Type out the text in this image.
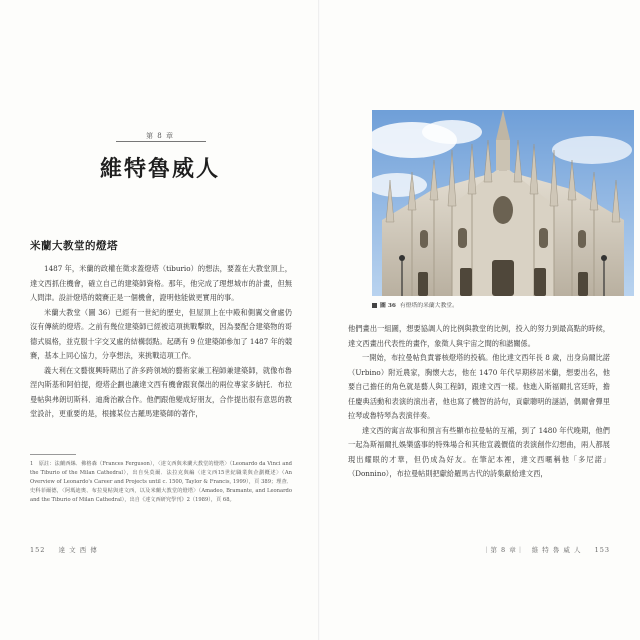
第 8 章
維特魯威人
米蘭大教堂的燈塔

1487 年，米蘭的政權在徵求蓋燈塔（tiburio）的想法，要蓋在大教堂頂上，達文西抓住機會，確立自己的建築師資格。那年，他完成了理想城市的計畫，但無人問津。設計燈塔的競賽正是一個機會，證明他能做更實用的事。

米蘭大教堂（圖 36）已經有一世紀的歷史，但屋頂上在中殿和側翼交會處仍沒有傳統的燈塔。之前有幾位建築師已經被這項挑戰擊敗，因為要配合建築物的哥德式風格，並克服十字交叉處的結構弱點。起碼有 9 位建築師參加了 1487 年的競賽，基本上同心協力，分享想法，來挑戰這項工作。

義大利在文藝復興時期出了許多跨領域的藝術家兼工程師兼建築師，就像布魯涅內斯基和阿伯提，燈塔企劃也讓達文西有機會跟袞傑出的兩位專家多納托．布拉曼帖與弗朗切斯科．迪喬治歐合作。他們跟他變成好朋友，合作提出很有意思的教堂設計，更重要的是，根據某位古羅馬建築師的著作，

1　原註：法蘭西絲．佛格森（Frances Ferguson），〈達文西與米蘭大教堂的燈塔〉（Leonardo da Vinci and the Tiburio of the Milan Cathedral），出自吳莫爾．法拉克與編〈達文西15世紀職業與企劃概述〉（An Overview of Leonardo's Career and Projects until c. 1500, Taylor & Francis, 1999），頁 389；理查．史科菲爾德，〈阿瑪迪奧、布拉曼帖與達文西，以及米蘭大教堂的燈塔〉（Amadeo, Bramante, and Leonardo and the Tiburio of Milan Cathedral），出自《達文西研究學刊》2（1989），頁 68。
152 達 文 西 傳
圖 36 有燈塔的米蘭大教堂。

他們畫出一組圖，想要協調人的比例與教堂的比例，投入的努力到最高點的時候，達文西畫出代表性的畫作，象徵人與宇宙之間的和諧關係。

一開始，布拉曼帖負責審核燈塔的投稿。他比達文西年長 8 歲，出身烏爾比諾（Urbino）附近農家，胸懷大志，他在 1470 年代早期移居米蘭，想要出名，他要自己擔任的角色就是藝人與工程師，跟達文西一樣。他進入斯福爾扎宮廷時，擔任慶典活動和表演的演出者，他也寫了機智的詩句，貢獻聰明的謎語，偶爾會彈里拉琴或魯特琴為表演伴奏。

達文西的寓言故事和預言有些顯布拉曼帖的互補，到了 1480 年代晚期，他們一起為斯福爾扎娛樂盛事的特殊場合和其他宣義價值的表演創作幻想曲，兩人都展現出耀眼的才華，但仍成為好友。在筆記本裡，達文西暱稱他「多尼諾」（Donnino），布拉曼帖則把獻給羅馬古代的詩集獻給達文西，

｜第 8 章｜　維 特 魯 威 人 153
